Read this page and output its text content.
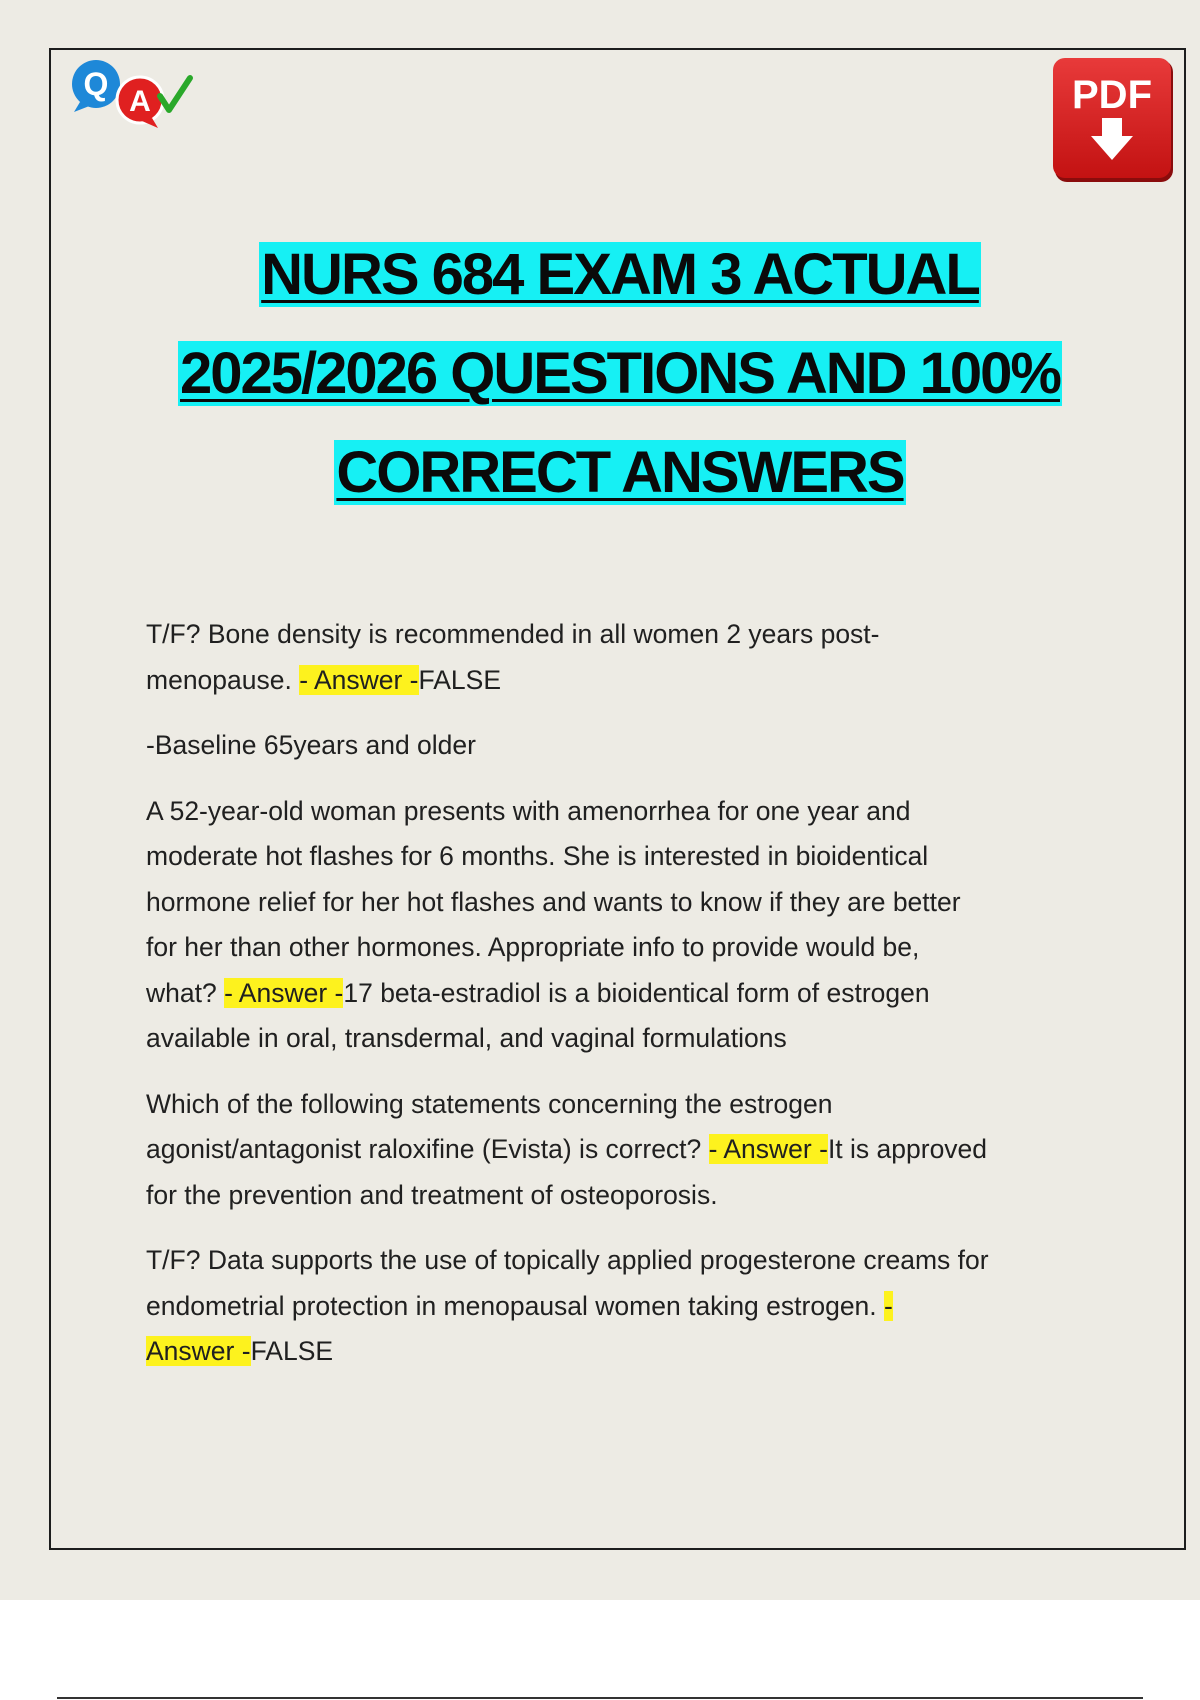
Q A	PDF
NURS 684 EXAM 3 ACTUAL
2025/2026 QUESTIONS AND 100%
CORRECT ANSWERS

T/F? Bone density is recommended in all women 2 years post-
menopause. - Answer -FALSE

-Baseline 65years and older

A 52-year-old woman presents with amenorrhea for one year and
moderate hot flashes for 6 months. She is interested in bioidentical
hormone relief for her hot flashes and wants to know if they are better
for her than other hormones. Appropriate info to provide would be,
what? - Answer -17 beta-estradiol is a bioidentical form of estrogen
available in oral, transdermal, and vaginal formulations

Which of the following statements concerning the estrogen
agonist/antagonist raloxifine (Evista) is correct? - Answer -It is approved
for the prevention and treatment of osteoporosis.

T/F? Data supports the use of topically applied progesterone creams for
endometrial protection in menopausal women taking estrogen. -
Answer -FALSE
